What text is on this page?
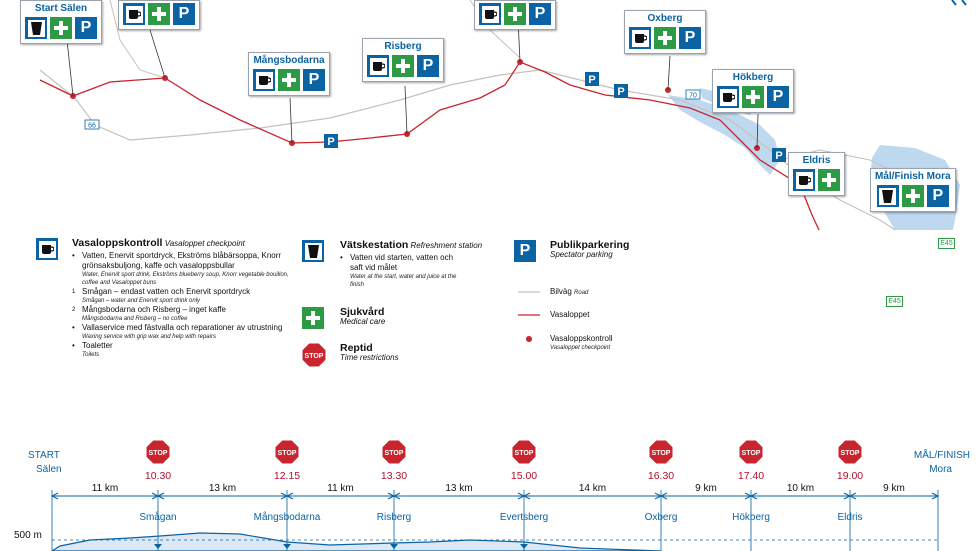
66
70
P
P
P
P
E45
E45
Start Sälen
P
P
Mångsbodarna
P
Risberg
P
P	Oxberg
P
Hökberg
P
Eldris
Mål/Finish Mora
P
Vasaloppskontroll Vasaloppet checkpoint
• Vatten, Enervit sportdryck, Ekströms blåbärsoppa, Knorr grönsaksbuljong, kaffe och vasaloppsbullar
Water, Enervit sport drink, Ekströms blueberry soup, Knorr vegetable bouillon, coffee and Vasaloppet buns
1 Smågan – endast vatten och Enervit sportdryck
Smågan – water and Enervit sport drink only
2 Mångsbodarna och Risberg – inget kaffe
Mångsbodarna and Risberg – no coffee
• Vallaservice med fästvalla och reparationer av utrustning
Waxing service with grip wax and help with repairs
• Toaletter
Toilets
Vätskestation Refreshment station
• Vatten vid starten, vatten och saft vid målet
Water at the start, water and juice at the finish
Sjukvård
Medical care
STOP
Reptid
Time restrictions
P	Publikparkering
Spectator parking
Bilväg Road
Vasaloppet
Vasaloppskontroll
Vasaloppet checkpoint
STOP	STOP	STOP	STOP	STOP	STOP	STOP
START
Sälen
MÅL/FINISH
Mora
500 m
10.30
Smågan
12.15
Mångsbodarna
13.30
Risberg
15.00
Evertsberg
16.30
Oxberg
17.40
Hökberg
19.00
Eldris
11 km	13 km	11 km	13 km	14 km	9 km	10 km	9 km
